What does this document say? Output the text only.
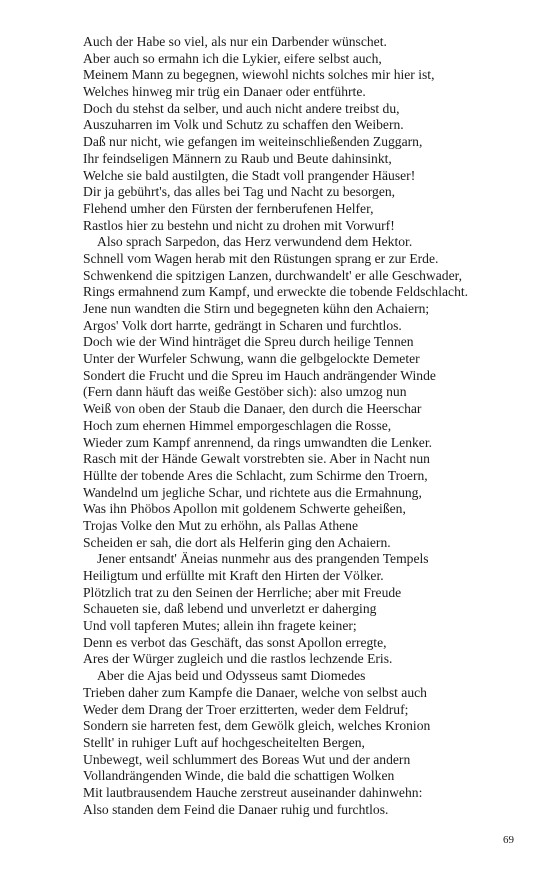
Auch der Habe so viel, als nur ein Darbender wünschet.
Aber auch so ermahn ich die Lykier, eifere selbst auch,
Meinem Mann zu begegnen, wiewohl nichts solches mir hier ist,
Welches hinweg mir trüg ein Danaer oder entführte.
Doch du stehst da selber, und auch nicht andere treibst du,
Auszuharren im Volk und Schutz zu schaffen den Weibern.
Daß nur nicht, wie gefangen im weiteinschließenden Zuggarn,
Ihr feindseligen Männern zu Raub und Beute dahinsinkt,
Welche sie bald austilgten, die Stadt voll prangender Häuser!
Dir ja gebührt's, das alles bei Tag und Nacht zu besorgen,
Flehend umher den Fürsten der fernberufenen Helfer,
Rastlos hier zu bestehn und nicht zu drohen mit Vorwurf!
Also sprach Sarpedon, das Herz verwundend dem Hektor.
Schnell vom Wagen herab mit den Rüstungen sprang er zur Erde.
Schwenkend die spitzigen Lanzen, durchwandelt' er alle Geschwader,
Rings ermahnend zum Kampf, und erweckte die tobende Feldschlacht.
Jene nun wandten die Stirn und begegneten kühn den Achaiern;
Argos' Volk dort harrte, gedrängt in Scharen und furchtlos.
Doch wie der Wind hinträget die Spreu durch heilige Tennen
Unter der Wurfeler Schwung, wann die gelbgelockte Demeter
Sondert die Frucht und die Spreu im Hauch andrängender Winde
(Fern dann häuft das weiße Gestöber sich): also umzog nun
Weiß von oben der Staub die Danaer, den durch die Heerschar
Hoch zum ehernen Himmel emporgeschlagen die Rosse,
Wieder zum Kampf anrennend, da rings umwandten die Lenker.
Rasch mit der Hände Gewalt vorstrebten sie. Aber in Nacht nun
Hüllte der tobende Ares die Schlacht, zum Schirme den Troern,
Wandelnd um jegliche Schar, und richtete aus die Ermahnung,
Was ihn Phöbos Apollon mit goldenem Schwerte geheißen,
Trojas Volke den Mut zu erhöhn, als Pallas Athene
Scheiden er sah, die dort als Helferin ging den Achaiern.
Jener entsandt' Äneias nunmehr aus des prangenden Tempels
Heiligtum und erfüllte mit Kraft den Hirten der Völker.
Plötzlich trat zu den Seinen der Herrliche; aber mit Freude
Schaueten sie, daß lebend und unverletzt er daherging
Und voll tapferen Mutes; allein ihn fragete keiner;
Denn es verbot das Geschäft, das sonst Apollon erregte,
Ares der Würger zugleich und die rastlos lechzende Eris.
Aber die Ajas beid und Odysseus samt Diomedes
Trieben daher zum Kampfe die Danaer, welche von selbst auch
Weder dem Drang der Troer erzitterten, weder dem Feldruf;
Sondern sie harreten fest, dem Gewölk gleich, welches Kronion
Stellt' in ruhiger Luft auf hochgescheitelten Bergen,
Unbewegt, weil schlummert des Boreas Wut und der andern
Vollandrängenden Winde, die bald die schattigen Wolken
Mit lautbrausendem Hauche zerstreut auseinander dahinwehn:
Also standen dem Feind die Danaer ruhig und furchtlos.
69
